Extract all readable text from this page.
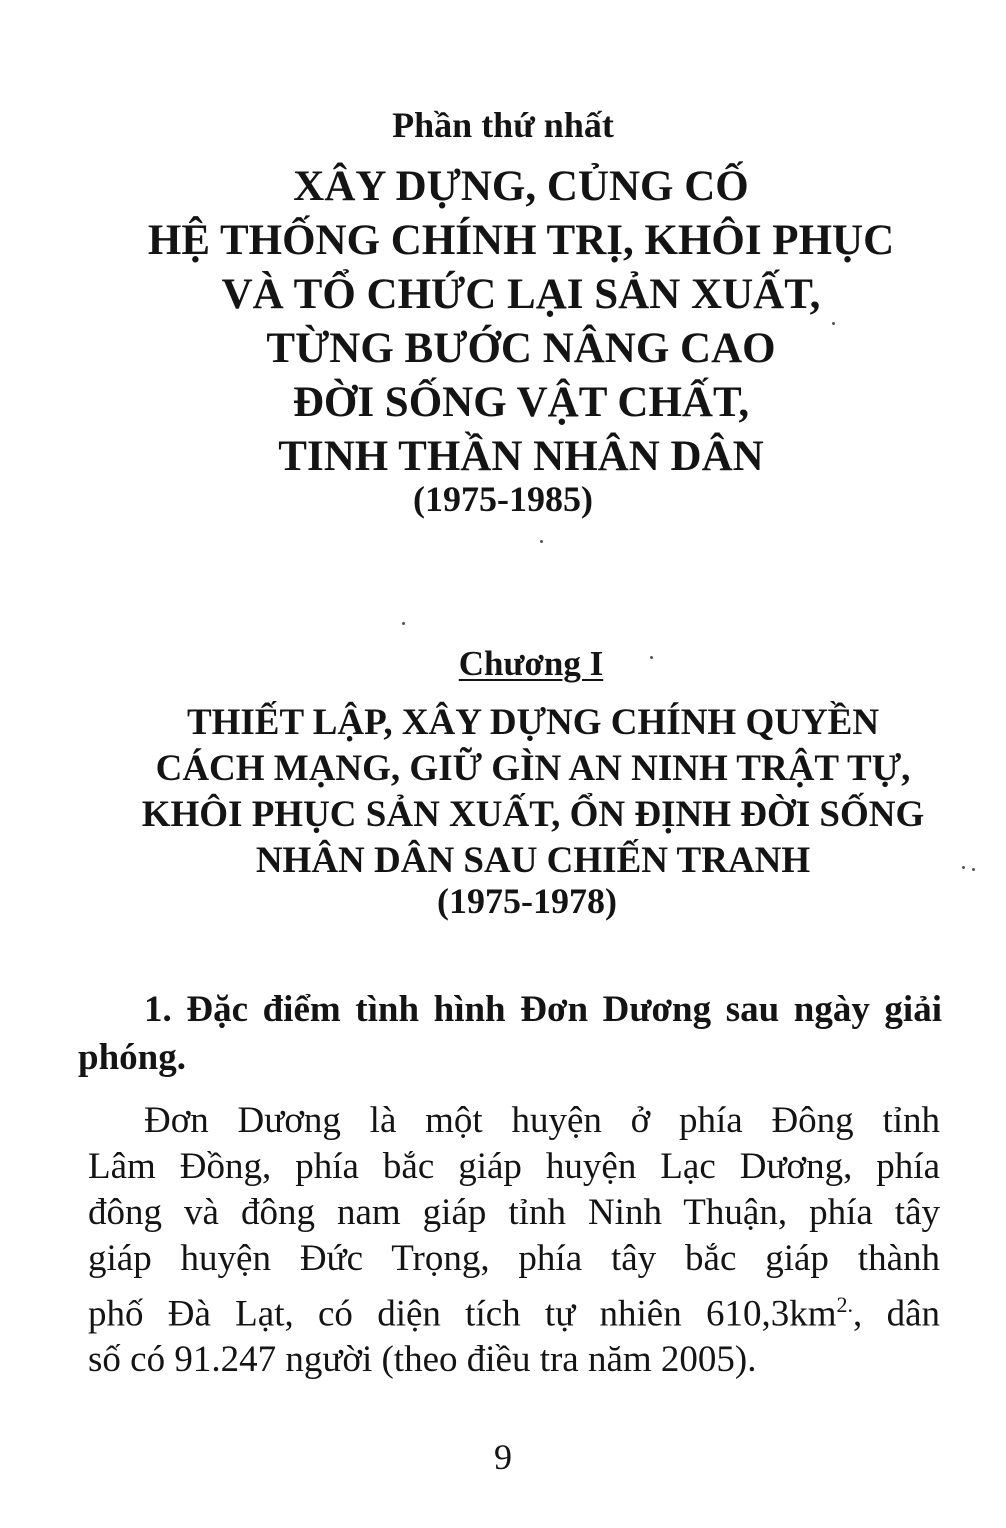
Phần thứ nhất
XÂY DỰNG, CỦNG CỐ
HỆ THỐNG CHÍNH TRỊ, KHÔI PHỤC
VÀ TỔ CHỨC LẠI SẢN XUẤT,
TỪNG BƯỚC NÂNG CAO
ĐỜI SỐNG VẬT CHẤT,
TINH THẦN NHÂN DÂN
(1975-1985)
Chương I
THIẾT LẬP, XÂY DỰNG CHÍNH QUYỀN
CÁCH MẠNG, GIỮ GÌN AN NINH TRẬT TỰ,
KHÔI PHỤC SẢN XUẤT, ỔN ĐỊNH ĐỜI SỐNG
NHÂN DÂN SAU CHIẾN TRANH
(1975-1978)
1. Đặc điểm tình hình Đơn Dương sau ngày giải phóng.
Đơn Dương là một huyện ở phía Đông tỉnh
Lâm Đồng, phía bắc giáp huyện Lạc Dương, phía
đông và đông nam giáp tỉnh Ninh Thuận, phía tây
giáp huyện Đức Trọng, phía tây bắc giáp thành
phố Đà Lạt, có diện tích tự nhiên $610,3km^{2.}$, dân
số có 91.247 người (theo điều tra năm 2005).
9
